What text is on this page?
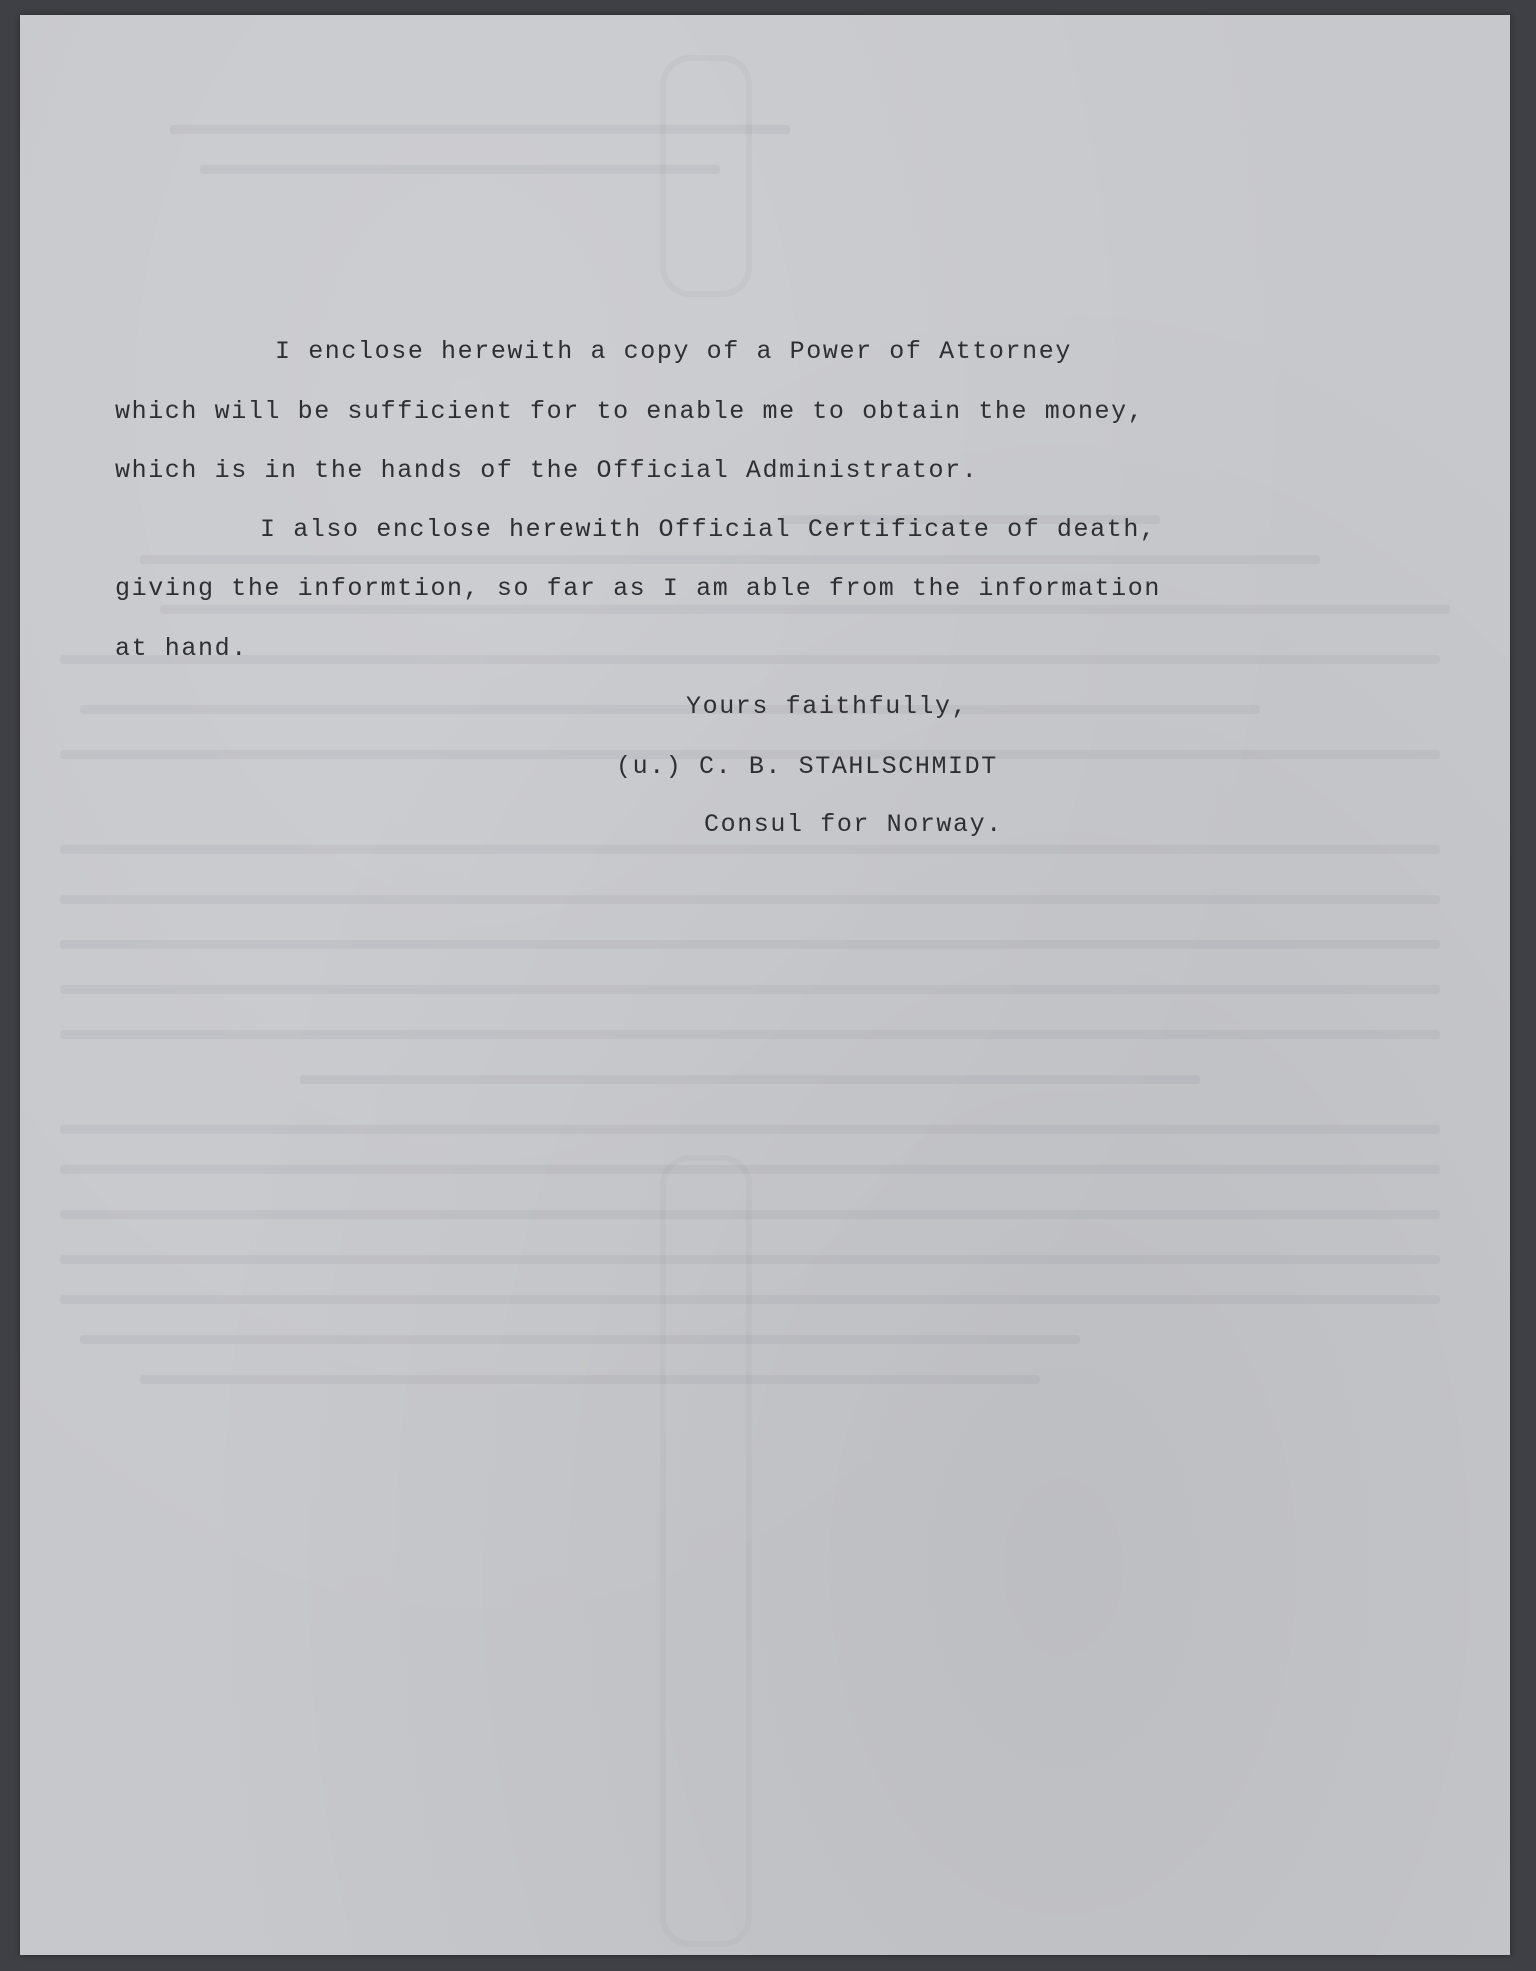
I enclose herewith a copy of a Power of Attorney
which will be sufficient for to enable me to obtain the money,
which is in the hands of the Official Administrator.
I also enclose herewith Official Certificate of death,
giving the informtion, so far as I am able from the information
at hand.
Yours faithfully,
(u.) C. B. STAHLSCHMIDT
Consul for Norway.
